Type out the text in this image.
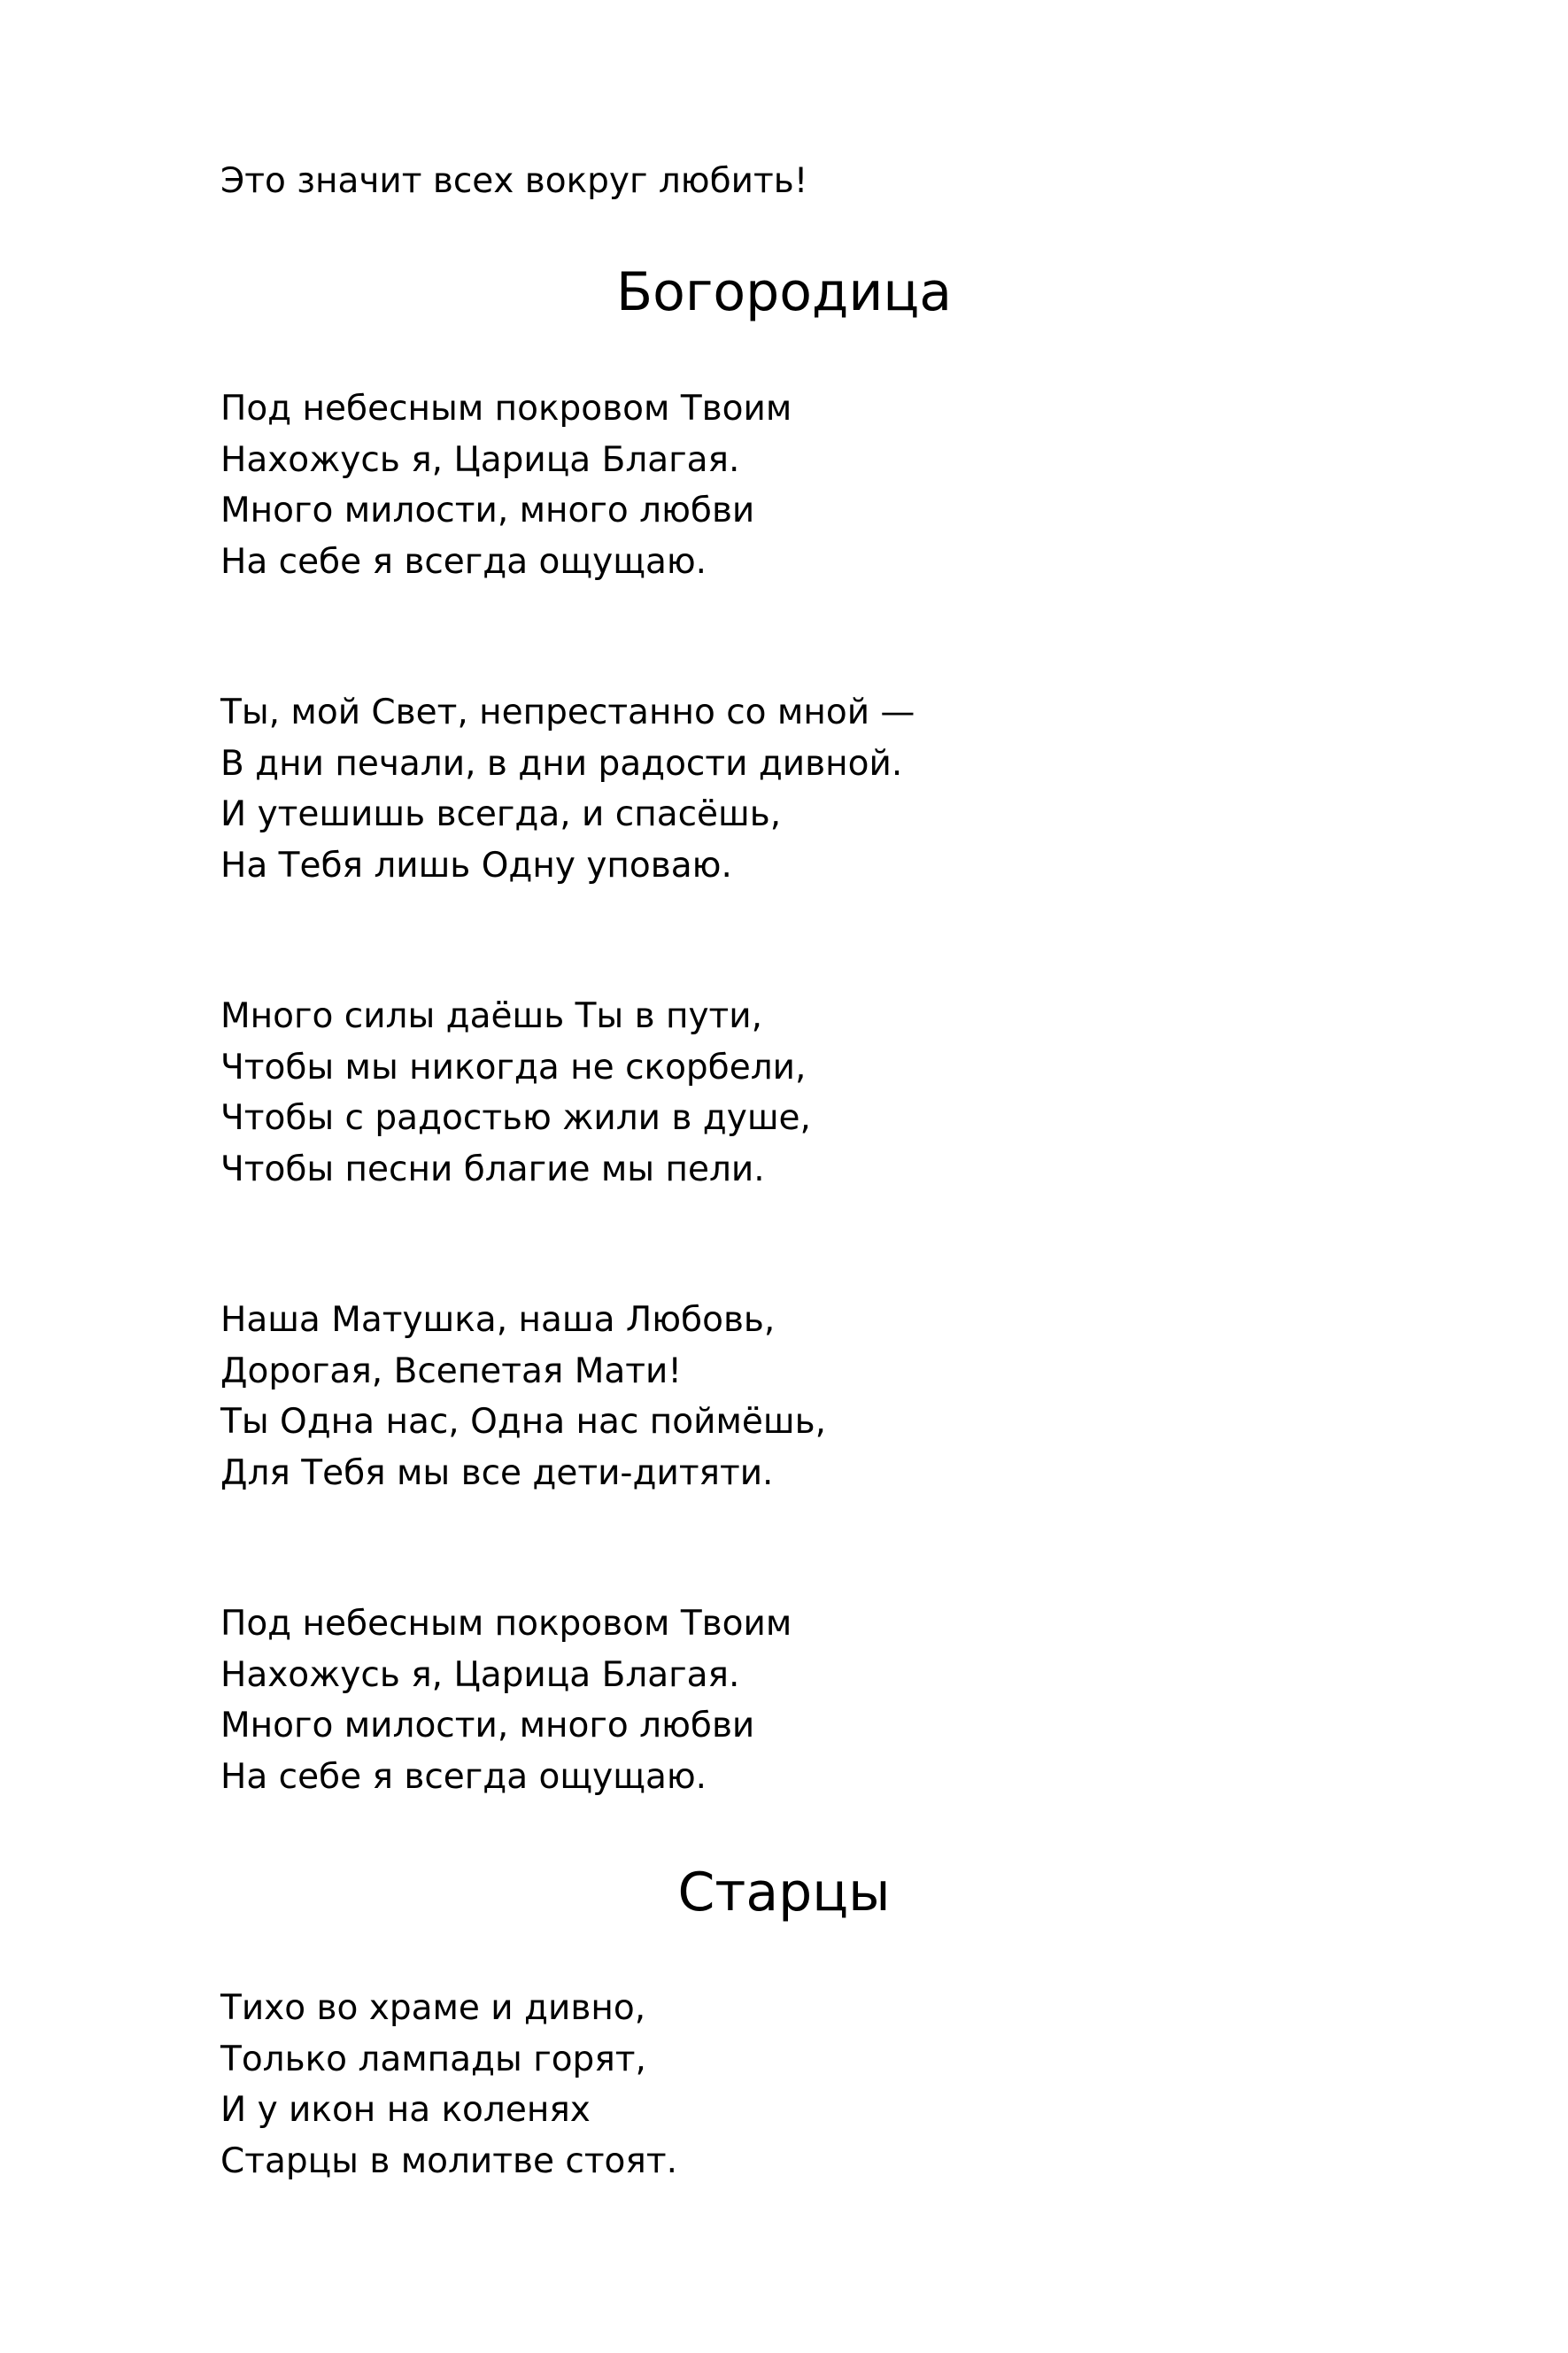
Это значит всех вокруг любить!

Богородица

Под небесным покровом Твоим

Нахожусь я, Царица Благая.

Много милости, много любви

На себе я всегда ощущаю.

Ты, мой Свет, непрестанно со мной —

В дни печали, в дни радости дивной.

И утешишь всегда, и спасёшь,

На Тебя лишь Одну уповаю.

Много силы даёшь Ты в пути,

Чтобы мы никогда не скорбели,

Чтобы с радостью жили в душе,

Чтобы песни благие мы пели.

Наша Матушка, наша Любовь,

Дорогая, Всепетая Мати!

Ты Одна нас, Одна нас поймёшь,

Для Тебя мы все дети-дитяти.

Под небесным покровом Твоим

Нахожусь я, Царица Благая.

Много милости, много любви

На себе я всегда ощущаю.

Старцы

Тихо во храме и дивно,

Только лампады горят,

И у икон на коленях

Старцы в молитве стоят.
